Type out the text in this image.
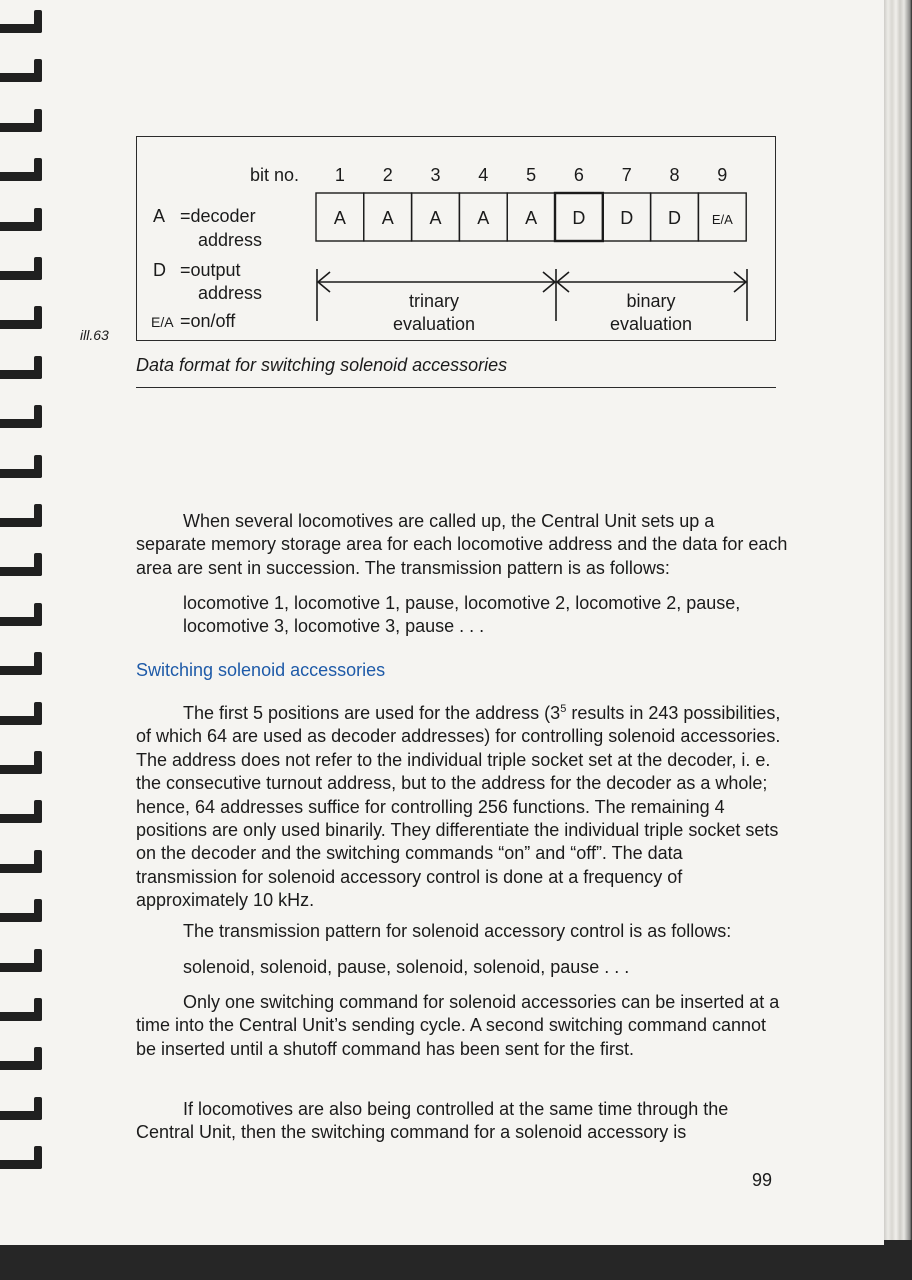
ill.63
bit no. 1 2 3 4 5 6 7 8 9
A A A A A D D D E/A
A =decoder
address
D =output
address
E/A =on/off
trinary
evaluation
binary
evaluation
Data format for switching solenoid accessories

When several locomotives are called up, the Central Unit sets up a separate memory storage area for each locomotive address and the data for each area are sent in succession. The transmission pattern is as follows:

locomotive 1, locomotive 1, pause, locomotive 2, locomotive 2, pause, locomotive 3, locomotive 3, pause . . .

Switching solenoid accessories

The first 5 positions are used for the address ($3^5$ results in 243 possibilities, of which 64 are used as decoder addresses) for controlling solenoid accessories. The address does not refer to the individual triple socket set at the decoder, i. e. the consecutive turnout address, but to the address for the decoder as a whole; hence, 64 addresses suffice for controlling 256 functions. The remaining 4 positions are only used binarily. They differentiate the individual triple socket sets on the decoder and the switching commands “on” and “off”. The data transmission for solenoid accessory control is done at a frequency of approximately 10 kHz.

The transmission pattern for solenoid accessory control is as follows:

solenoid, solenoid, pause, solenoid, solenoid, pause . . .

Only one switching command for solenoid accessories can be inserted at a time into the Central Unit’s sending cycle. A second switching command cannot be inserted until a shutoff command has been sent for the first.

If locomotives are also being controlled at the same time through the Central Unit, then the switching command for a solenoid accessory is

99
